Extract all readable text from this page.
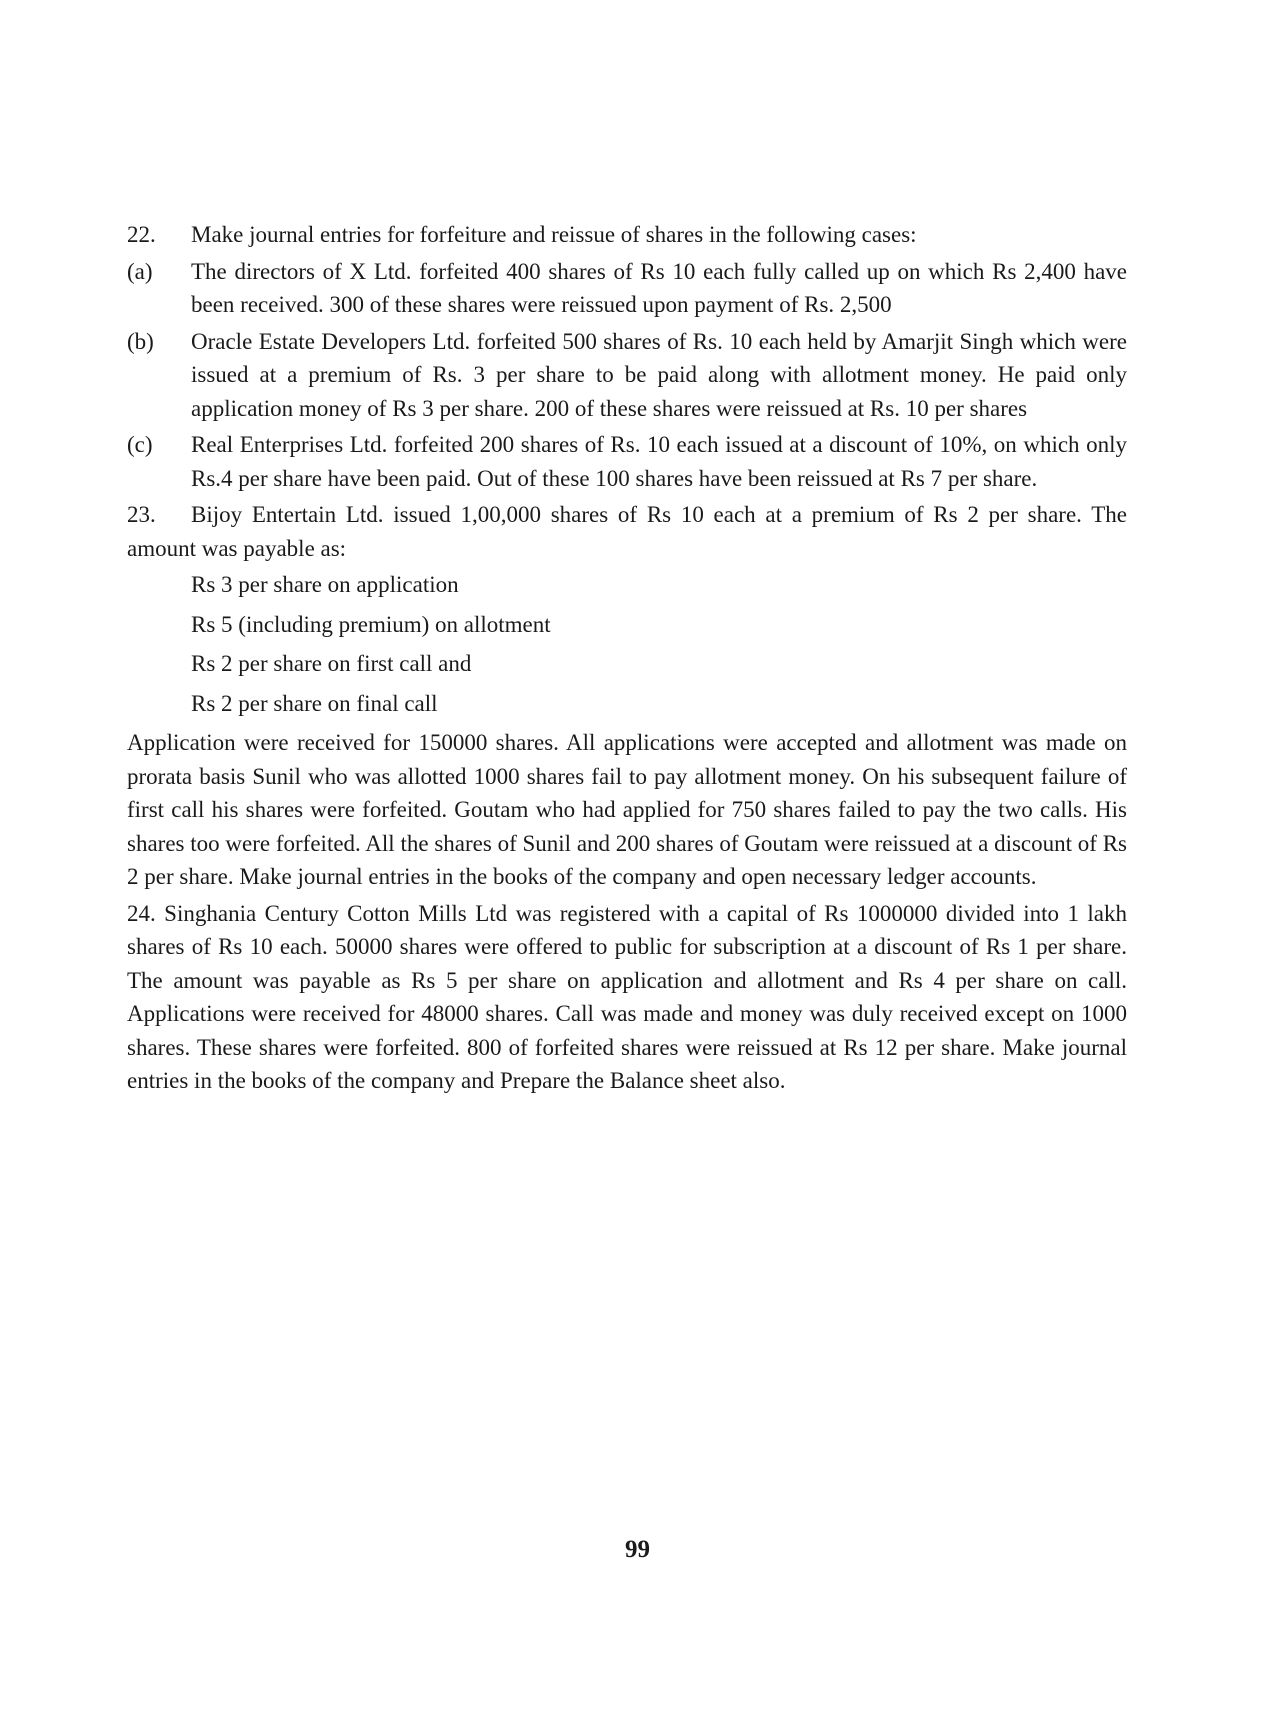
22.	Make journal entries for forfeiture and reissue of shares in the following cases:
(a)	The directors of X Ltd. forfeited 400 shares of Rs 10 each fully called up on which Rs 2,400 have been received. 300 of these shares were reissued upon payment of Rs. 2,500
(b)	Oracle Estate Developers Ltd. forfeited 500 shares of Rs. 10 each held by Amarjit Singh which were issued at a premium of Rs. 3 per share to be paid along with allotment money. He paid only application money of Rs 3 per share. 200 of these shares were reissued at Rs. 10 per shares
(c)	Real Enterprises Ltd. forfeited 200 shares of Rs. 10 each issued at a discount of 10%, on which only Rs.4 per share have been paid. Out of these 100 shares have been reissued at Rs 7 per share.
23. Bijoy Entertain Ltd. issued 1,00,000 shares of Rs 10 each at a premium of Rs 2 per share. The amount was payable as:
Rs 3 per share on application
Rs 5 (including premium) on allotment
Rs 2 per share on first call and
Rs 2 per share on final call
Application were received for 150000 shares. All applications were accepted and allotment was made on prorata basis Sunil who was allotted 1000 shares fail to pay allotment money. On his subsequent failure of first call his shares were forfeited. Goutam who had applied for 750 shares failed to pay the two calls. His shares too were forfeited. All the shares of Sunil and 200 shares of Goutam were reissued at a discount of Rs 2 per share. Make journal entries in the books of the company and open necessary ledger accounts.
24. Singhania Century Cotton Mills Ltd was registered with a capital of Rs 1000000 divided into 1 lakh shares of Rs 10 each. 50000 shares were offered to public for subscription at a discount of Rs 1 per share. The amount was payable as Rs 5 per share on application and allotment and Rs 4 per share on call. Applications were received for 48000 shares. Call was made and money was duly received except on 1000 shares. These shares were forfeited. 800 of forfeited shares were reissued at Rs 12 per share. Make journal entries in the books of the company and Prepare the Balance sheet also.
99
